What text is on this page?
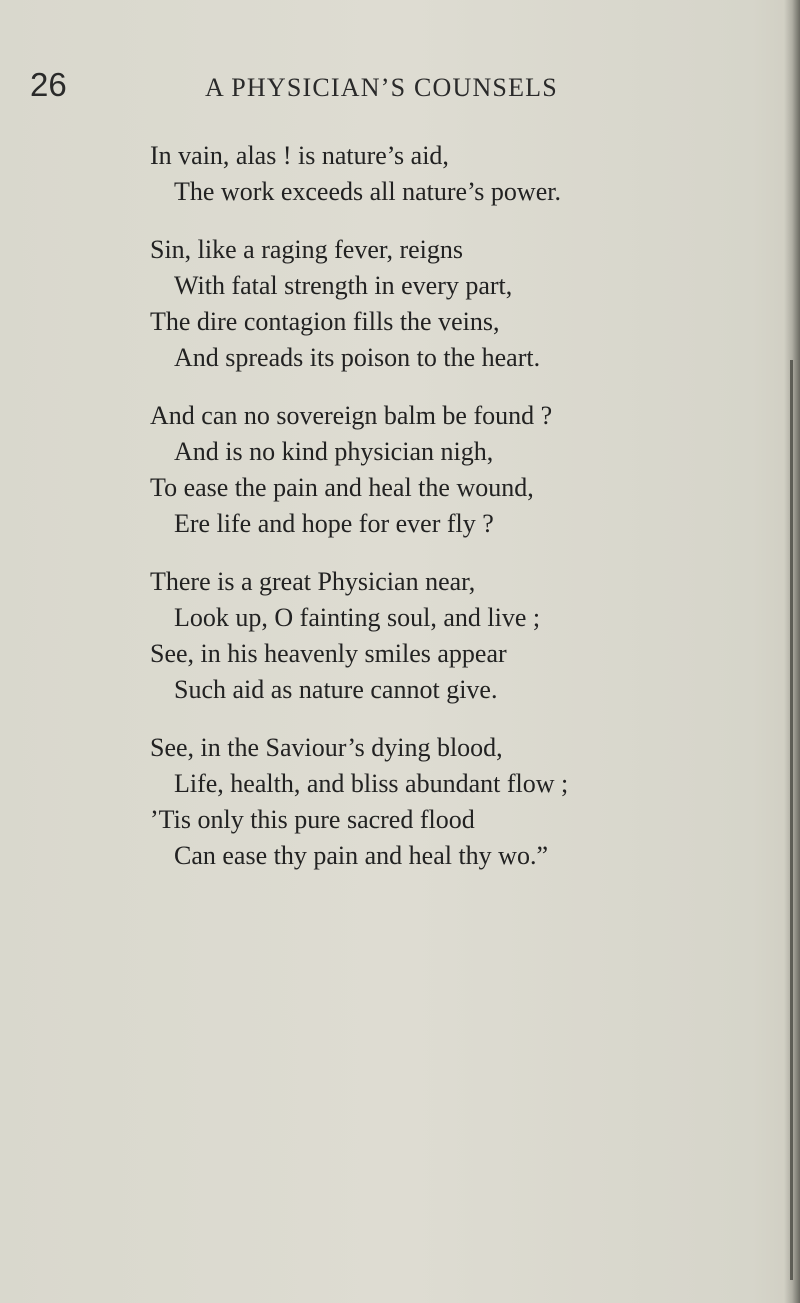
26	A PHYSICIAN’S COUNSELS
In vain, alas ! is nature’s aid,
The work exceeds all nature’s power.
Sin, like a raging fever, reigns
With fatal strength in every part,
The dire contagion fills the veins,
And spreads its poison to the heart.
And can no sovereign balm be found ?
And is no kind physician nigh,
To ease the pain and heal the wound,
Ere life and hope for ever fly ?
There is a great Physician near,
Look up, O fainting soul, and live ;
See, in his heavenly smiles appear
Such aid as nature cannot give.
See, in the Saviour’s dying blood,
Life, health, and bliss abundant flow ;
’Tis only this pure sacred flood
Can ease thy pain and heal thy wo.”
